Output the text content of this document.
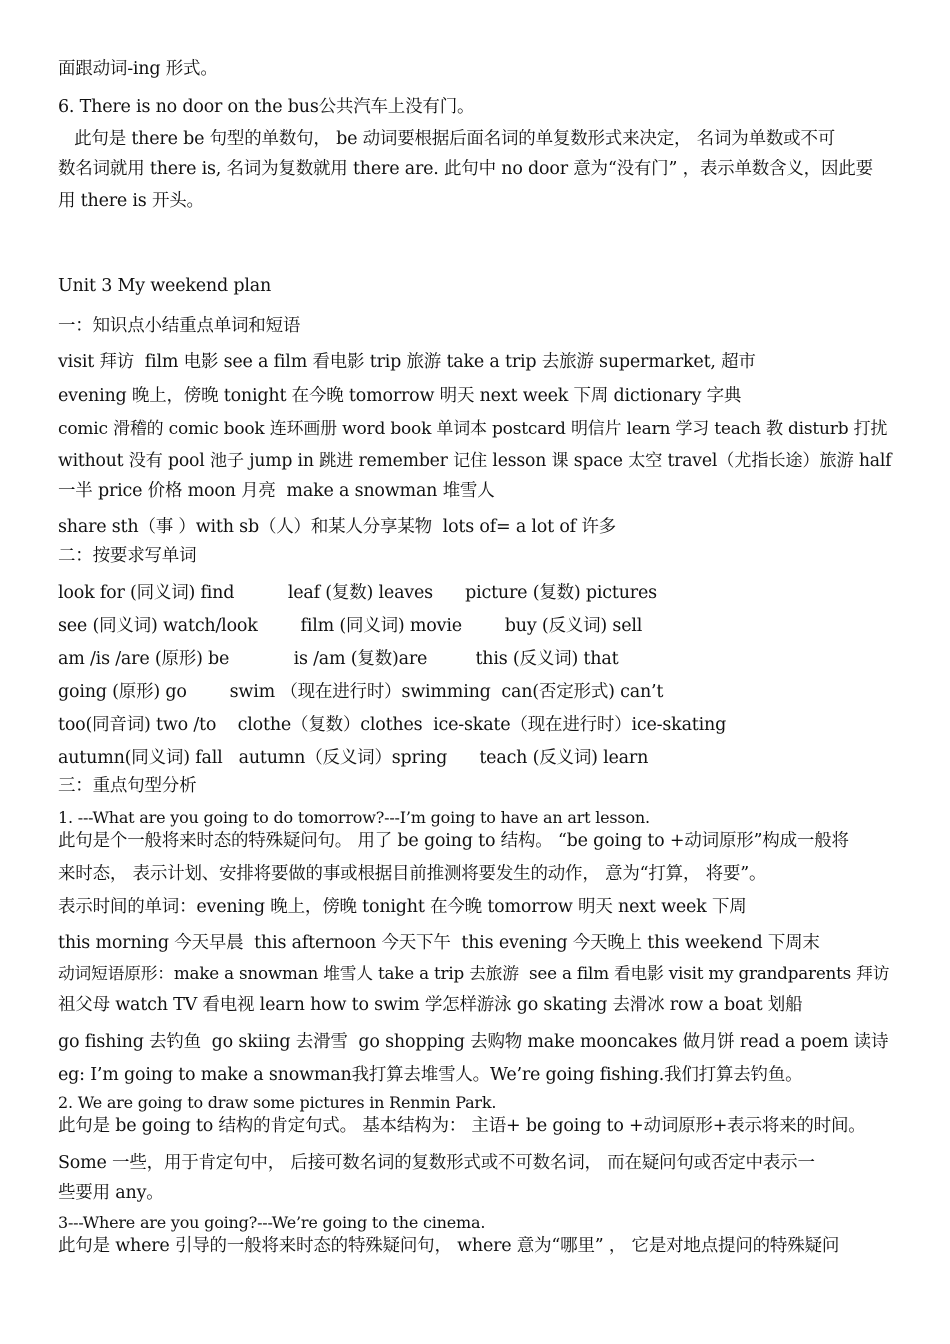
面跟动词-ing 形式。
6. There is no door on the bus公共汽车上没有门。
此句是 there be 句型的单数句， be 动词要根据后面名词的单复数形式来决定， 名词为单数或不可
数名词就用 there is, 名词为复数就用 there are. 此句中 no door 意为“没有门” ，表示单数含义，因此要
用 there is 开头。
Unit 3 My weekend plan
一：知识点小结重点单词和短语
visit 拜访  film 电影 see a film 看电影 trip 旅游 take a trip 去旅游 supermarket, 超市
evening 晚上，傍晚 tonight 在今晚 tomorrow 明天 next week 下周 dictionary 字典
comic 滑稽的 comic book 连环画册 word book 单词本 postcard 明信片 learn 学习 teach 教 disturb 打扰
without 没有 pool 池子 jump in 跳进 remember 记住 lesson 课 space 太空 travel（尤指长途）旅游 half
一半 price 价格 moon 月亮  make a snowman 堆雪人
share sth（事 ）with sb（人）和某人分享某物  lots of= a lot of 许多
二：按要求写单词
look for (同义词) find          leaf (复数) leaves      picture (复数) pictures
see (同义词) watch/look        film (同义词) movie        buy (反义词) sell
am /is /are (原形) be            is /am (复数)are         this (反义词) that
going (原形) go        swim （现在进行时）swimming  can(否定形式) can’t
too(同音词) two /to    clothe（复数）clothes  ice-skate（现在进行时）ice-skating
autumn(同义词) fall   autumn（反义词）spring      teach (反义词) learn
三：重点句型分析
1. ---What are you going to do tomorrow?---I’m going to have an art lesson.
此句是个一般将来时态的特殊疑问句。 用了 be going to 结构。 “be going to +动词原形”构成一般将
来时态， 表示计划、安排将要做的事或根据目前推测将要发生的动作， 意为“打算， 将要”。
表示时间的单词：evening 晚上，傍晚 tonight 在今晚 tomorrow 明天 next week 下周
this morning 今天早晨  this afternoon 今天下午  this evening 今天晚上 this weekend 下周末
动词短语原形：make a snowman 堆雪人 take a trip 去旅游  see a film 看电影 visit my grandparents 拜访
祖父母 watch TV 看电视 learn how to swim 学怎样游泳 go skating 去滑冰 row a boat 划船
go fishing 去钓鱼  go skiing 去滑雪  go shopping 去购物 make mooncakes 做月饼 read a poem 读诗
eg: I’m going to make a snowman我打算去堆雪人。We’re going fishing.我们打算去钓鱼。
2. We are going to draw some pictures in Renmin Park.
此句是 be going to 结构的肯定句式。 基本结构为： 主语+ be going to +动词原形+表示将来的时间。
Some 一些，用于肯定句中， 后接可数名词的复数形式或不可数名词， 而在疑问句或否定中表示一
些要用 any。
3---Where are you going?---We’re going to the cinema.
此句是 where 引导的一般将来时态的特殊疑问句， where 意为“哪里” ， 它是对地点提问的特殊疑问
